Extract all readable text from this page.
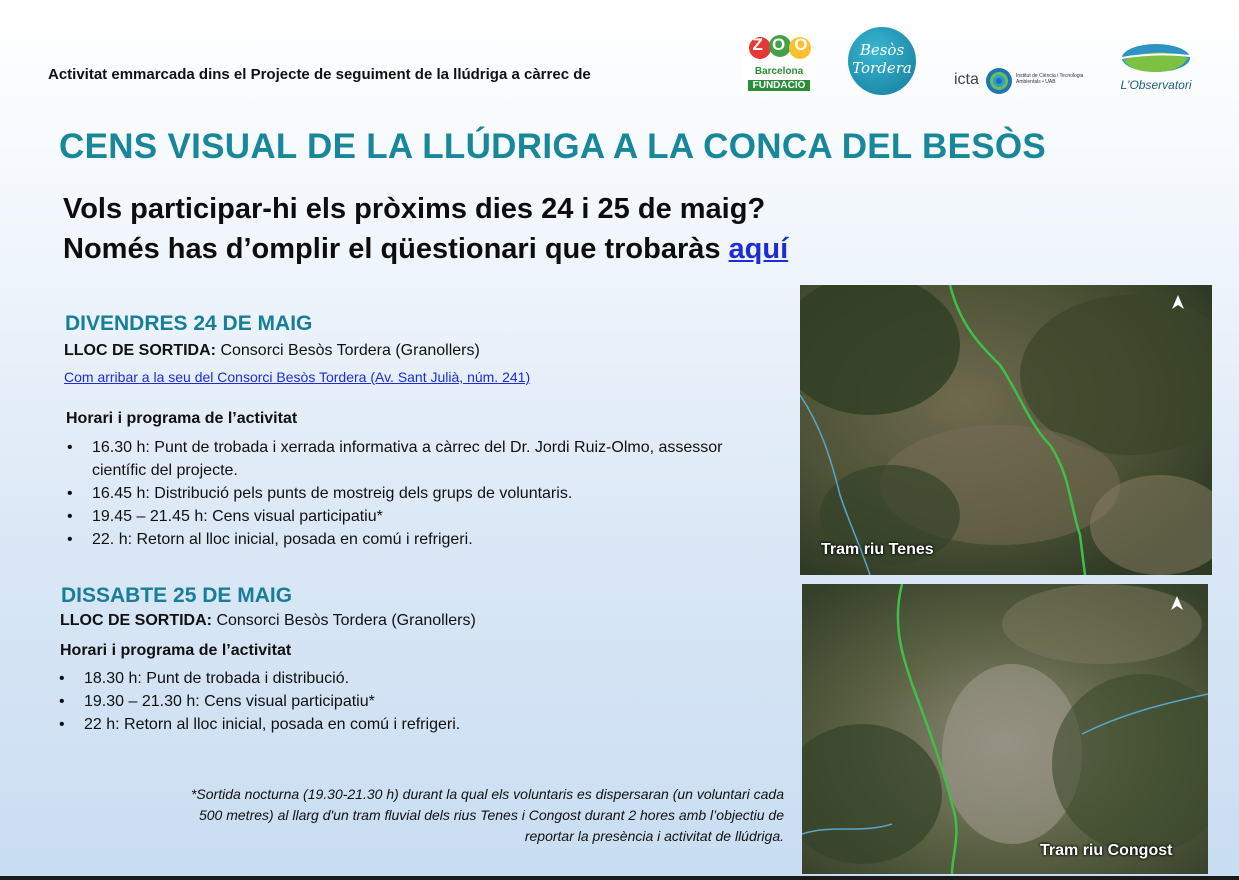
Activitat emmarcada dins el Projecte de seguiment de la llúdriga a càrrec de
Z O O
Barcelona
FUNDACIÓ
Besòs
Tordera
icta	Institut de Ciència i Tecnologia Ambientals • UAB	L'Observatori
CENS VISUAL DE LA LLÚDRIGA A LA CONCA DEL BESÒS
Vols participar-hi els pròxims dies 24 i 25 de maig?
Només has d’omplir el qüestionari que trobaràs aquí
DIVENDRES 24 DE MAIG
LLOC DE SORTIDA: Consorci Besòs Tordera (Granollers)
Com arribar a la seu del Consorci Besòs Tordera (Av. Sant Julià, núm. 241)
Horari i programa de l’activitat
• 16.30 h: Punt de trobada i xerrada informativa a càrrec del Dr. Jordi Ruiz-Olmo, assessor científic del projecte.
• 16.45 h: Distribució pels punts de mostreig dels grups de voluntaris.
• 19.45 – 21.45 h: Cens visual participatiu*
• 22. h: Retorn al lloc inicial, posada en comú i refrigeri.
DISSABTE 25 DE MAIG
LLOC DE SORTIDA: Consorci Besòs Tordera (Granollers)
Horari i programa de l’activitat
• 18.30 h: Punt de trobada i distribució.
• 19.30 – 21.30 h: Cens visual participatiu*
• 22 h: Retorn al lloc inicial, posada en comú i refrigeri.
*Sortida nocturna (19.30-21.30 h) durant la qual els voluntaris es dispersaran (un voluntari cada 500 metres) al llarg d'un tram fluvial dels rius Tenes i Congost durant 2 hores amb l’objectiu de reportar la presència i activitat de llúdriga.
Tram riu Tenes
Tram riu Congost
